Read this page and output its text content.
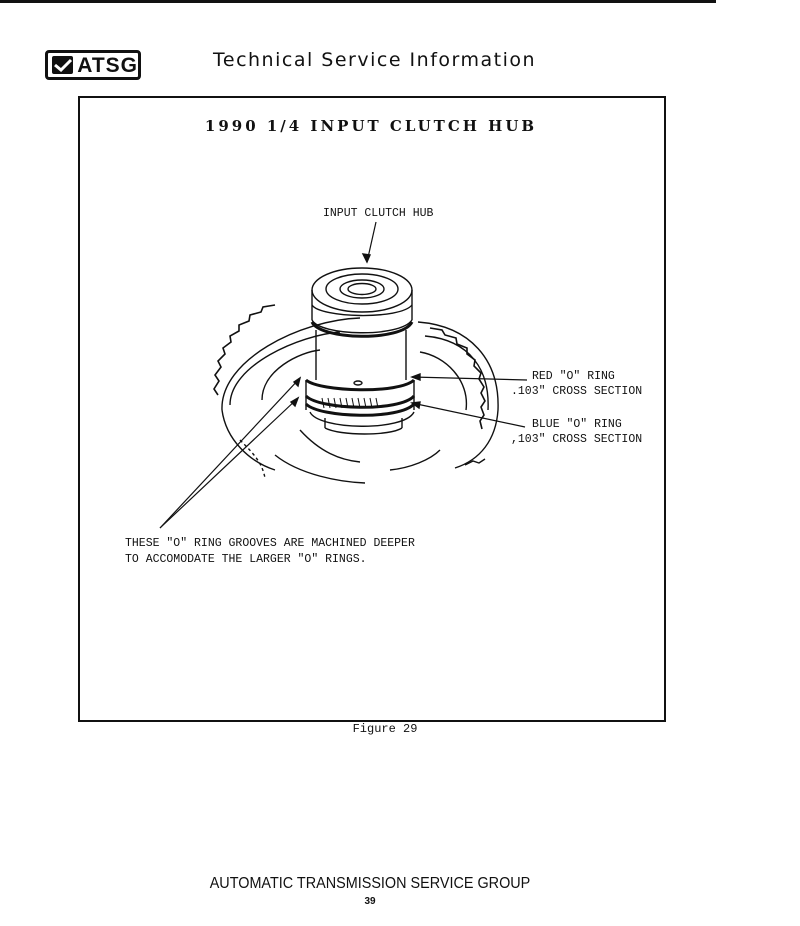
ATSG	Technical Service Information
1990 1/4 INPUT CLUTCH HUB
INPUT CLUTCH HUB
RED "O" RING
.103" CROSS SECTION
BLUE "O" RING
,103" CROSS SECTION
THESE "O" RING GROOVES ARE MACHINED DEEPER
TO ACCOMODATE THE LARGER "O" RINGS.
Figure 29
AUTOMATIC TRANSMISSION SERVICE GROUP
39
